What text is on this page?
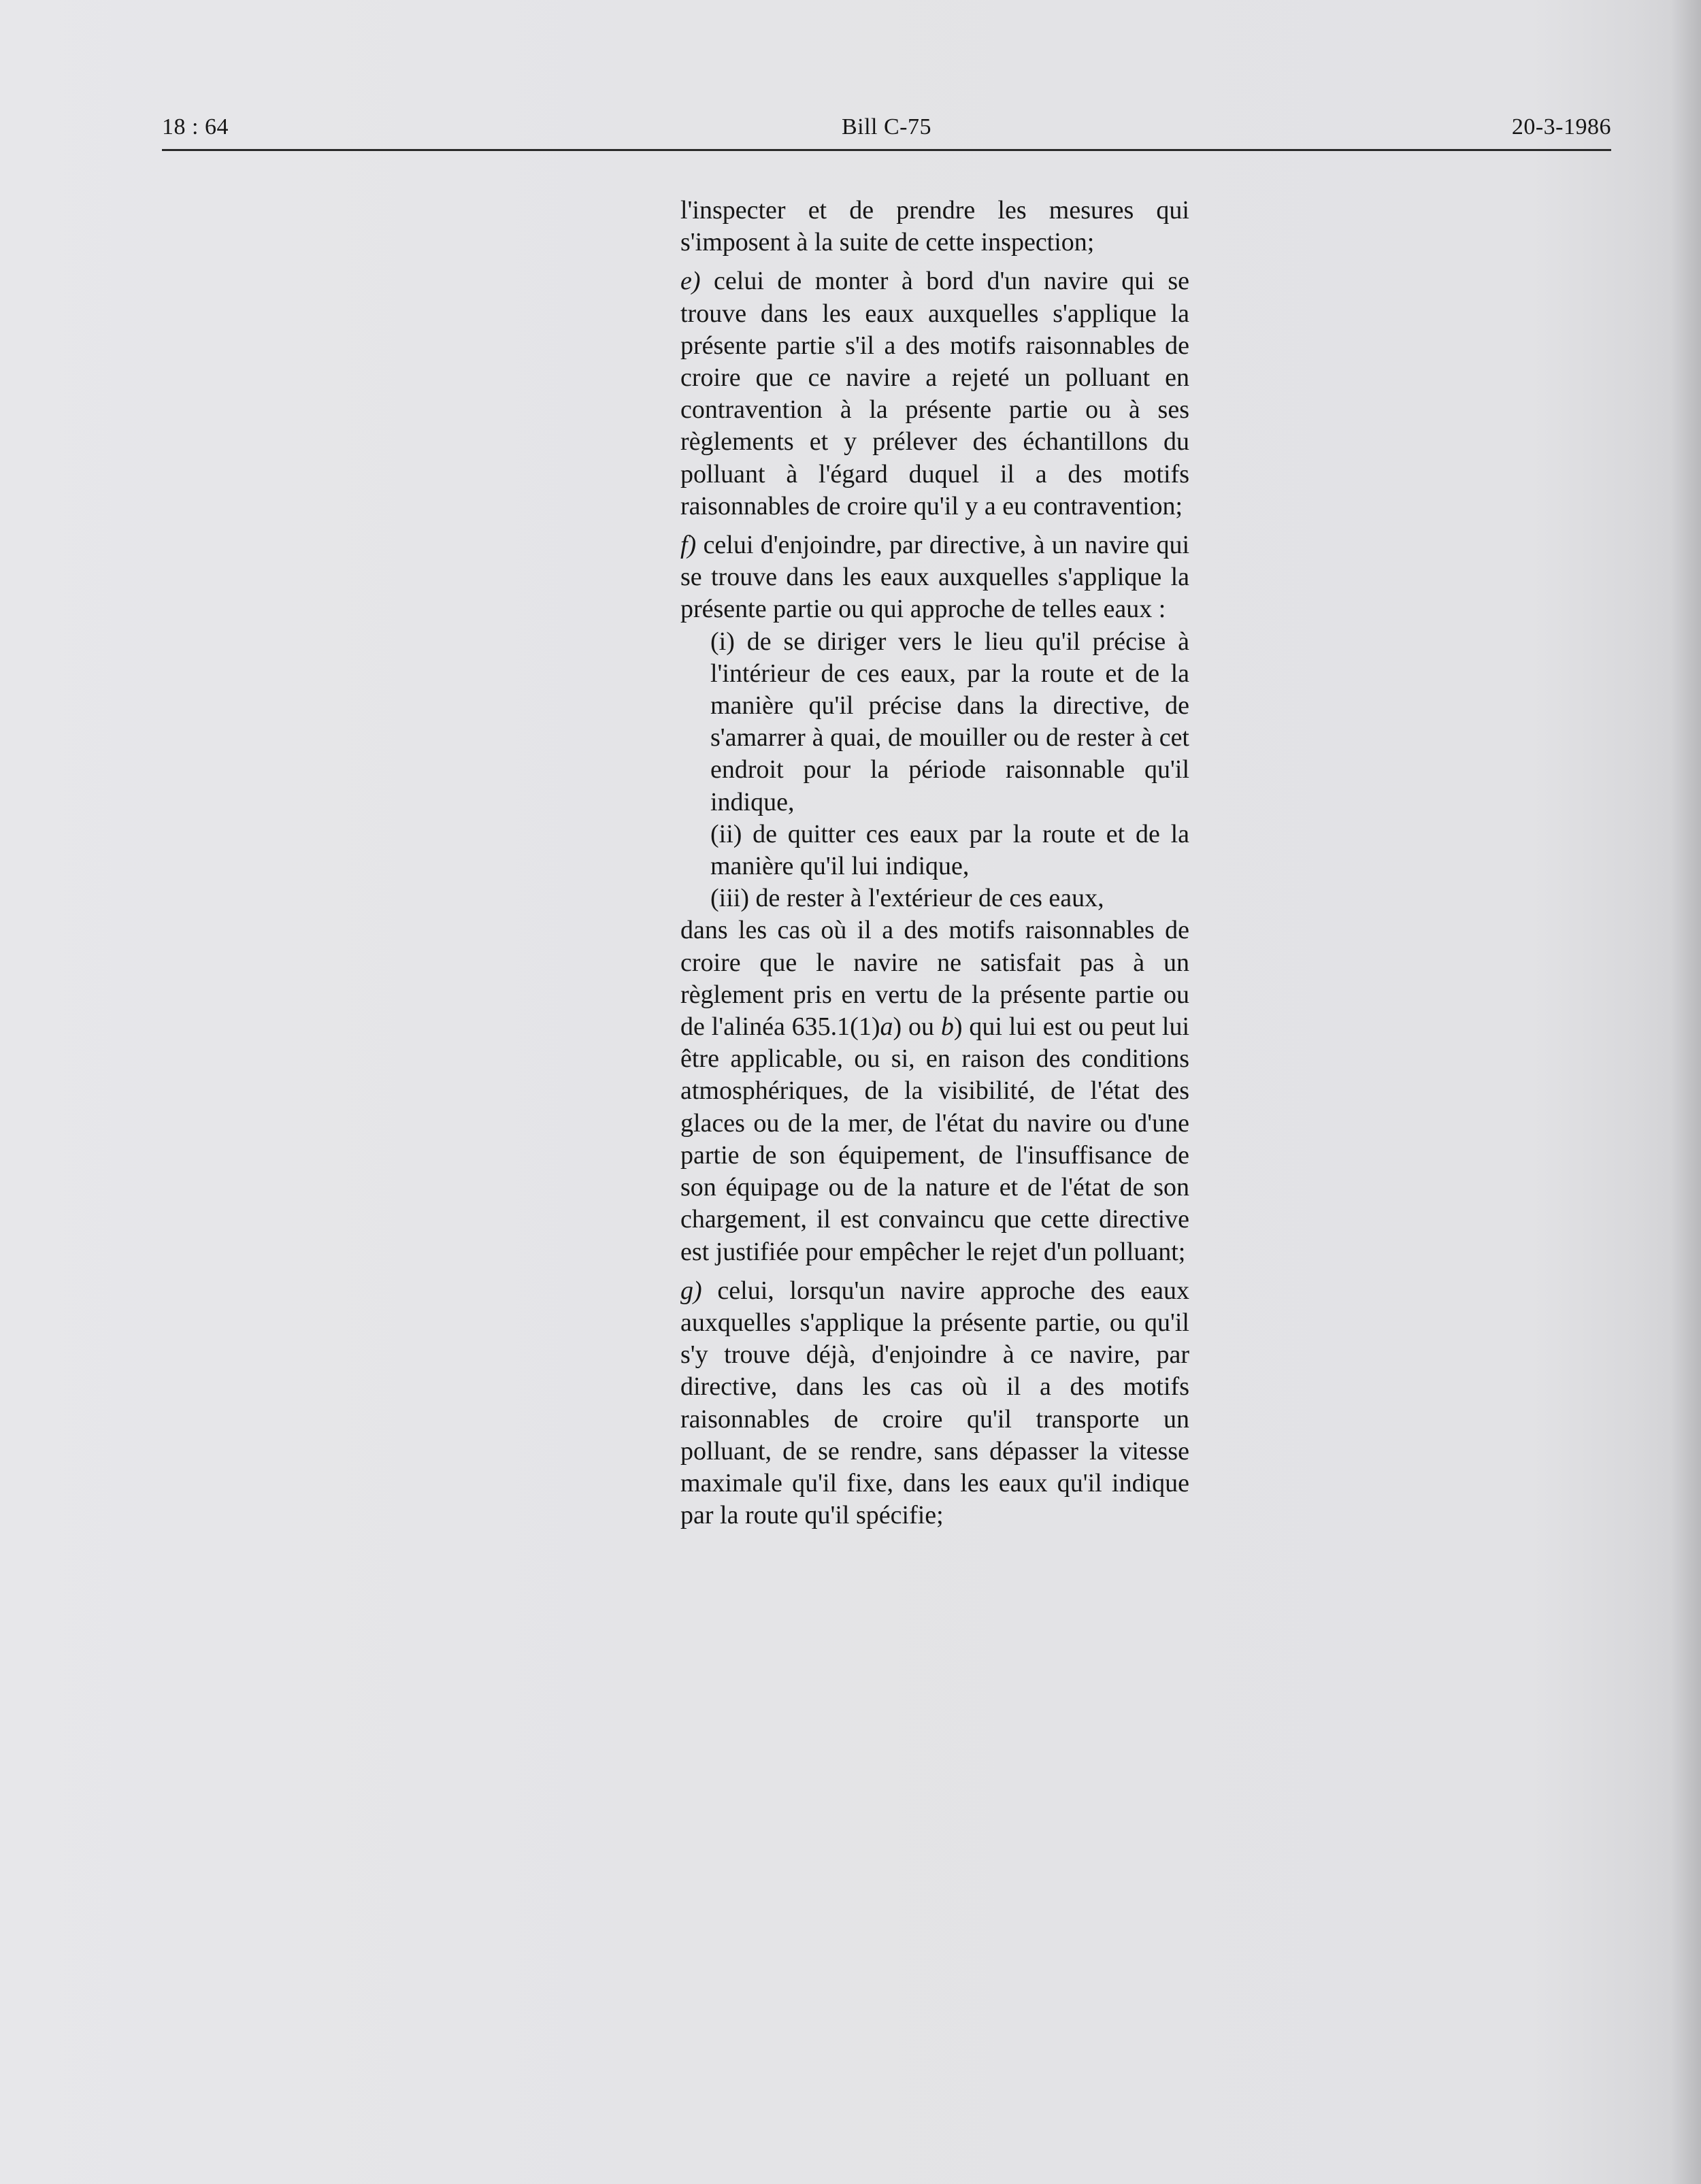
18 : 64	Bill C-75	20-3-1986

l'inspecter et de prendre les mesures qui s'imposent à la suite de cette inspection;

e) celui de monter à bord d'un navire qui se trouve dans les eaux auxquelles s'applique la présente partie s'il a des motifs raisonnables de croire que ce navire a rejeté un polluant en contravention à la présente partie ou à ses règlements et y prélever des échantillons du polluant à l'égard duquel il a des motifs raisonnables de croire qu'il y a eu contravention;

f) celui d'enjoindre, par directive, à un navire qui se trouve dans les eaux auxquelles s'applique la présente partie ou qui approche de telles eaux :

(i) de se diriger vers le lieu qu'il précise à l'intérieur de ces eaux, par la route et de la manière qu'il précise dans la directive, de s'amarrer à quai, de mouiller ou de rester à cet endroit pour la période raisonnable qu'il indique,

(ii) de quitter ces eaux par la route et de la manière qu'il lui indique,

(iii) de rester à l'extérieur de ces eaux,

dans les cas où il a des motifs raisonnables de croire que le navire ne satisfait pas à un règlement pris en vertu de la présente partie ou de l'alinéa 635.1(1)a) ou b) qui lui est ou peut lui être applicable, ou si, en raison des conditions atmosphériques, de la visibilité, de l'état des glaces ou de la mer, de l'état du navire ou d'une partie de son équipement, de l'insuffisance de son équipage ou de la nature et de l'état de son chargement, il est convaincu que cette directive est justifiée pour empêcher le rejet d'un polluant;

g) celui, lorsqu'un navire approche des eaux auxquelles s'applique la présente partie, ou qu'il s'y trouve déjà, d'enjoindre à ce navire, par directive, dans les cas où il a des motifs raisonnables de croire qu'il transporte un polluant, de se rendre, sans dépasser la vitesse maximale qu'il fixe, dans les eaux qu'il indique par la route qu'il spécifie;
